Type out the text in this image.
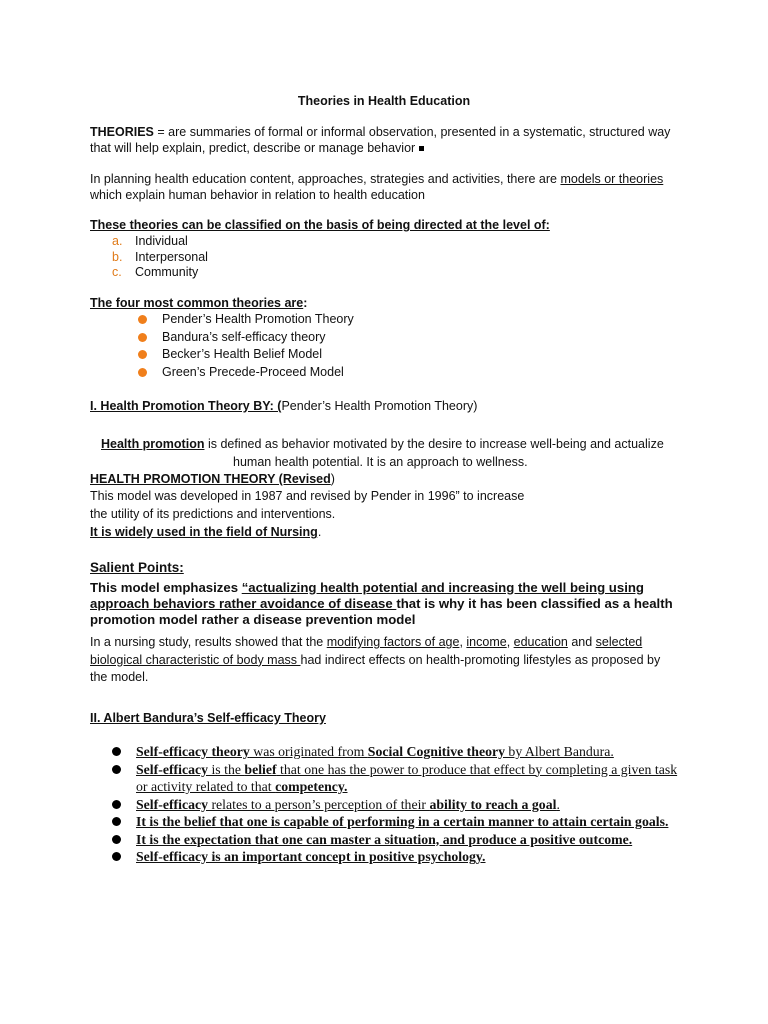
Theories in Health Education
THEORIES = are summaries of formal or informal observation, presented in a systematic, structured way that will help explain, predict, describe or manage behavior
In planning health education content, approaches, strategies and activities, there are models or theories which explain human behavior in relation to health education
These theories can be classified on the basis of being directed at the level of:
a. Individual
b. Interpersonal
c. Community
The four most common theories are:
Pender’s Health Promotion Theory
Bandura’s self-efficacy theory
Becker’s Health Belief Model
Green’s Precede-Proceed Model
I. Health Promotion Theory BY: (Pender’s Health Promotion Theory)
Health promotion is defined as behavior motivated by the desire to increase well-being and actualize
human health potential. It is an approach to wellness.
HEALTH PROMOTION THEORY (Revised)
This model was developed in 1987 and revised by Pender in 1996” to increase
the utility of its predictions and interventions.
It is widely used in the field of Nursing.
Salient Points:
This model emphasizes “actualizing health potential and increasing the well being using approach behaviors rather avoidance of disease that is why it has been classified as a health promotion model rather a disease prevention model
In a nursing study, results showed that the modifying factors of age, income, education and selected biological characteristic of body mass had indirect effects on health-promoting lifestyles as proposed by the model.
II. Albert Bandura’s Self-efficacy Theory
Self-efficacy theory was originated from Social Cognitive theory by Albert Bandura.
Self-efficacy is the belief that one has the power to produce that effect by completing a given task or activity related to that competency.
Self-efficacy relates to a person’s perception of their ability to reach a goal.
It is the belief that one is capable of performing in a certain manner to attain certain goals.
It is the expectation that one can master a situation, and produce a positive outcome.
Self-efficacy is an important concept in positive psychology.
